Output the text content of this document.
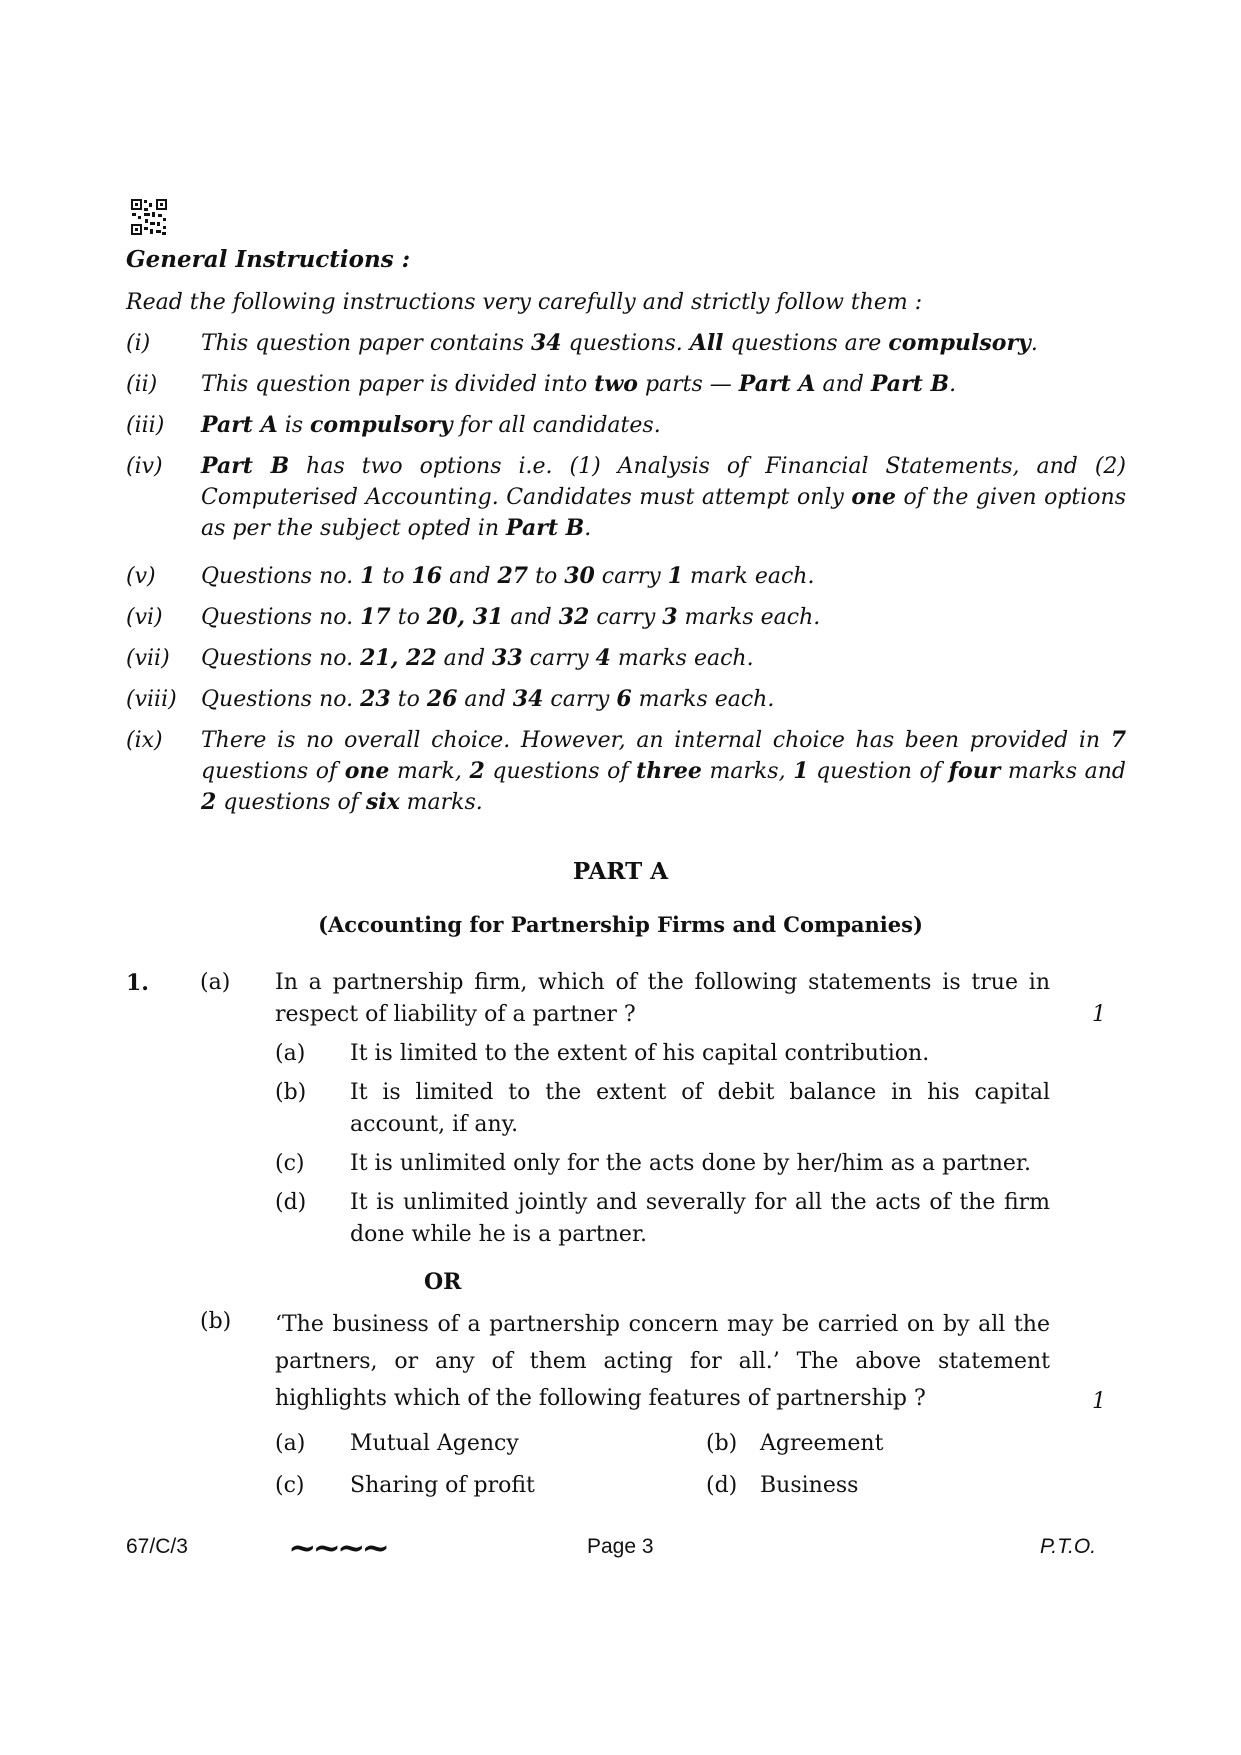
General Instructions :
Read the following instructions very carefully and strictly follow them :
(i) This question paper contains 34 questions. All questions are compulsory.
(ii) This question paper is divided into two parts — Part A and Part B.
(iii) Part A is compulsory for all candidates.
(iv) Part B has two options i.e. (1) Analysis of Financial Statements, and (2) Computerised Accounting. Candidates must attempt only one of the given options as per the subject opted in Part B.
(v) Questions no. 1 to 16 and 27 to 30 carry 1 mark each.
(vi) Questions no. 17 to 20, 31 and 32 carry 3 marks each.
(vii) Questions no. 21, 22 and 33 carry 4 marks each.
(viii) Questions no. 23 to 26 and 34 carry 6 marks each.
(ix) There is no overall choice. However, an internal choice has been provided in 7 questions of one mark, 2 questions of three marks, 1 question of four marks and 2 questions of six marks.
PART A
(Accounting for Partnership Firms and Companies)
1. (a) In a partnership firm, which of the following statements is true in respect of liability of a partner ?	1
(a) It is limited to the extent of his capital contribution.
(b) It is limited to the extent of debit balance in his capital account, if any.
(c) It is unlimited only for the acts done by her/him as a partner.
(d) It is unlimited jointly and severally for all the acts of the firm done while he is a partner.
OR
(b) ‘The business of a partnership concern may be carried on by all the partners, or any of them acting for all.’ The above statement highlights which of the following features of partnership ?	1
(a) Mutual Agency	(b) Agreement
(c) Sharing of profit	(d) Business
67/C/3	~~~~	Page 3	P.T.O.
